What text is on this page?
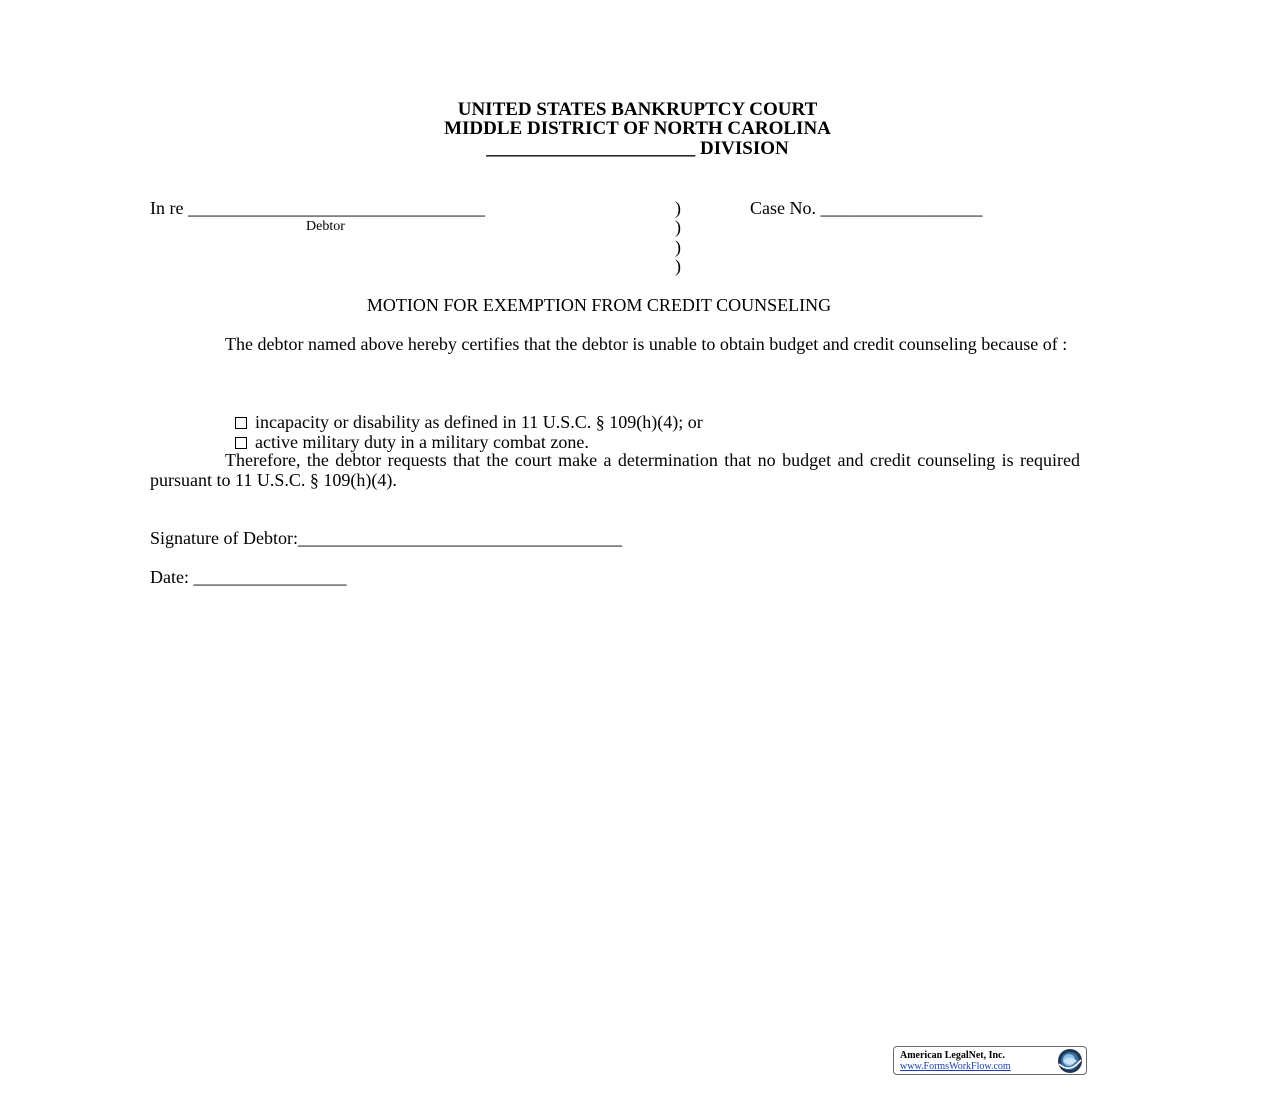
UNITED STATES BANKRUPTCY COURT
MIDDLE DISTRICT OF NORTH CAROLINA
______________________ DIVISION
In re _________________________________
Debtor
)
)
)
)
Case No. __________________
MOTION FOR EXEMPTION FROM CREDIT COUNSELING
The debtor named above hereby certifies that the debtor is unable to obtain budget and credit counseling because of :

incapacity or disability as defined in 11 U.S.C. § 109(h)(4); or

active military duty in a military combat zone.

Therefore, the debtor requests that the court make a determination that no budget and credit counseling is required pursuant to 11 U.S.C. § 109(h)(4).
Signature of Debtor:____________________________________
Date: _________________
American LegalNet, Inc.
www.FormsWorkFlow.com
